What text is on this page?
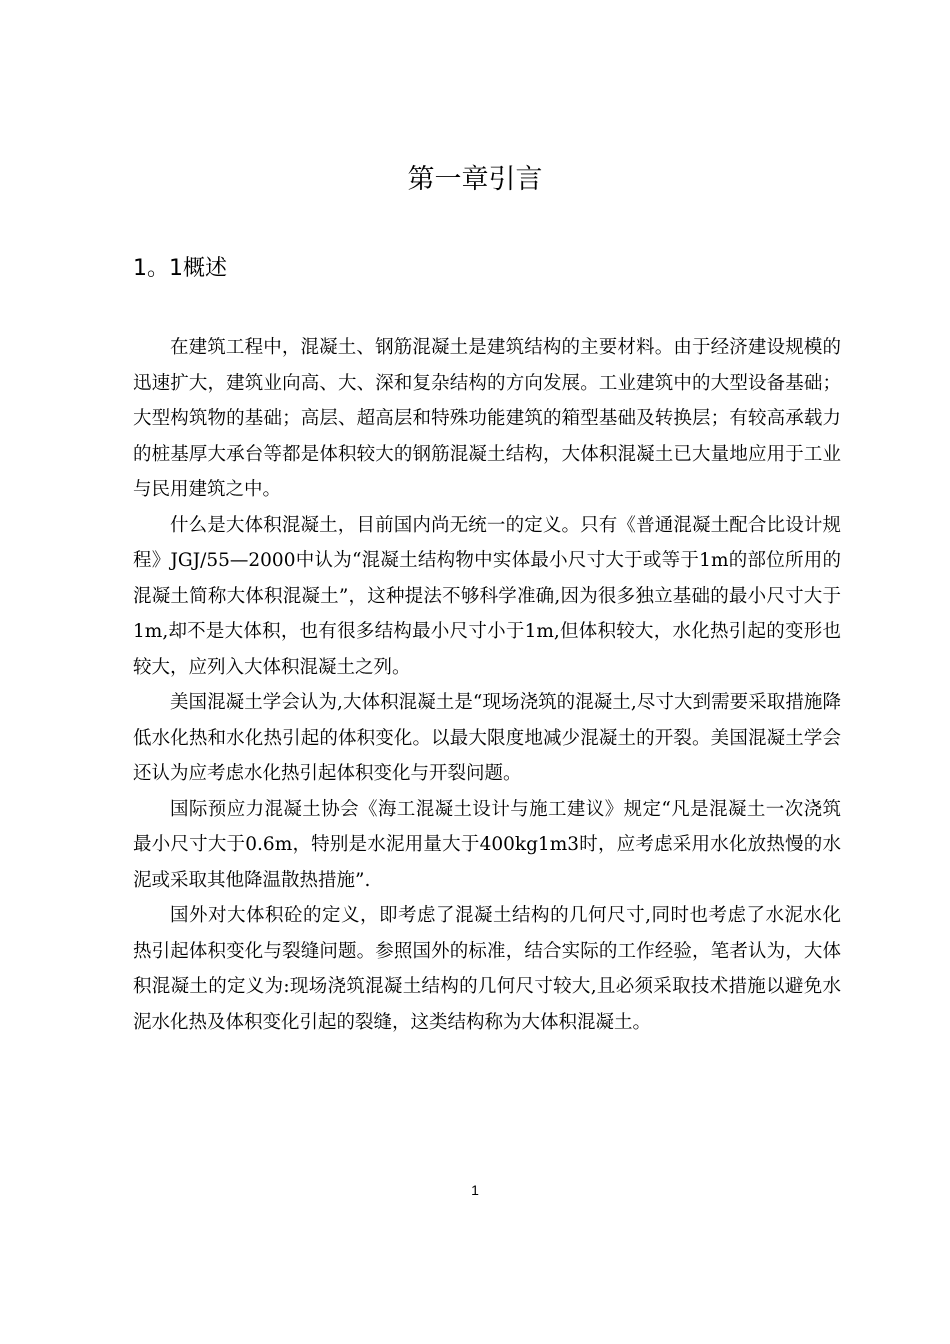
第一章引言
1。1概述

在建筑工程中，混凝土、钢筋混凝土是建筑结构的主要材料。由于经济建设规模的迅速扩大，建筑业向高、大、深和复杂结构的方向发展。工业建筑中的大型设备基础；大型构筑物的基础；高层、超高层和特殊功能建筑的箱型基础及转换层；有较高承载力的桩基厚大承台等都是体积较大的钢筋混凝土结构，大体积混凝土已大量地应用于工业与民用建筑之中。

什么是大体积混凝土，目前国内尚无统一的定义。只有《普通混凝土配合比设计规程》JGJ/55—2000中认为“混凝土结构物中实体最小尺寸大于或等于1m的部位所用的混凝土简称大体积混凝土”，这种提法不够科学准确,因为很多独立基础的最小尺寸大于1m,却不是大体积，也有很多结构最小尺寸小于1m,但体积较大，水化热引起的变形也较大，应列入大体积混凝土之列。

美国混凝土学会认为,大体积混凝土是“现场浇筑的混凝土,尽寸大到需要采取措施降低水化热和水化热引起的体积变化。以最大限度地减少混凝土的开裂。美国混凝土学会还认为应考虑水化热引起体积变化与开裂问题。

国际预应力混凝土协会《海工混凝土设计与施工建议》规定“凡是混凝土一次浇筑最小尺寸大于0.6m，特别是水泥用量大于400kg1m3时，应考虑采用水化放热慢的水泥或采取其他降温散热措施”.

国外对大体积砼的定义，即考虑了混凝土结构的几何尺寸,同时也考虑了水泥水化热引起体积变化与裂缝问题。参照国外的标准，结合实际的工作经验，笔者认为，大体积混凝土的定义为:现场浇筑混凝土结构的几何尺寸较大,且必须采取技术措施以避免水泥水化热及体积变化引起的裂缝，这类结构称为大体积混凝土。

1
